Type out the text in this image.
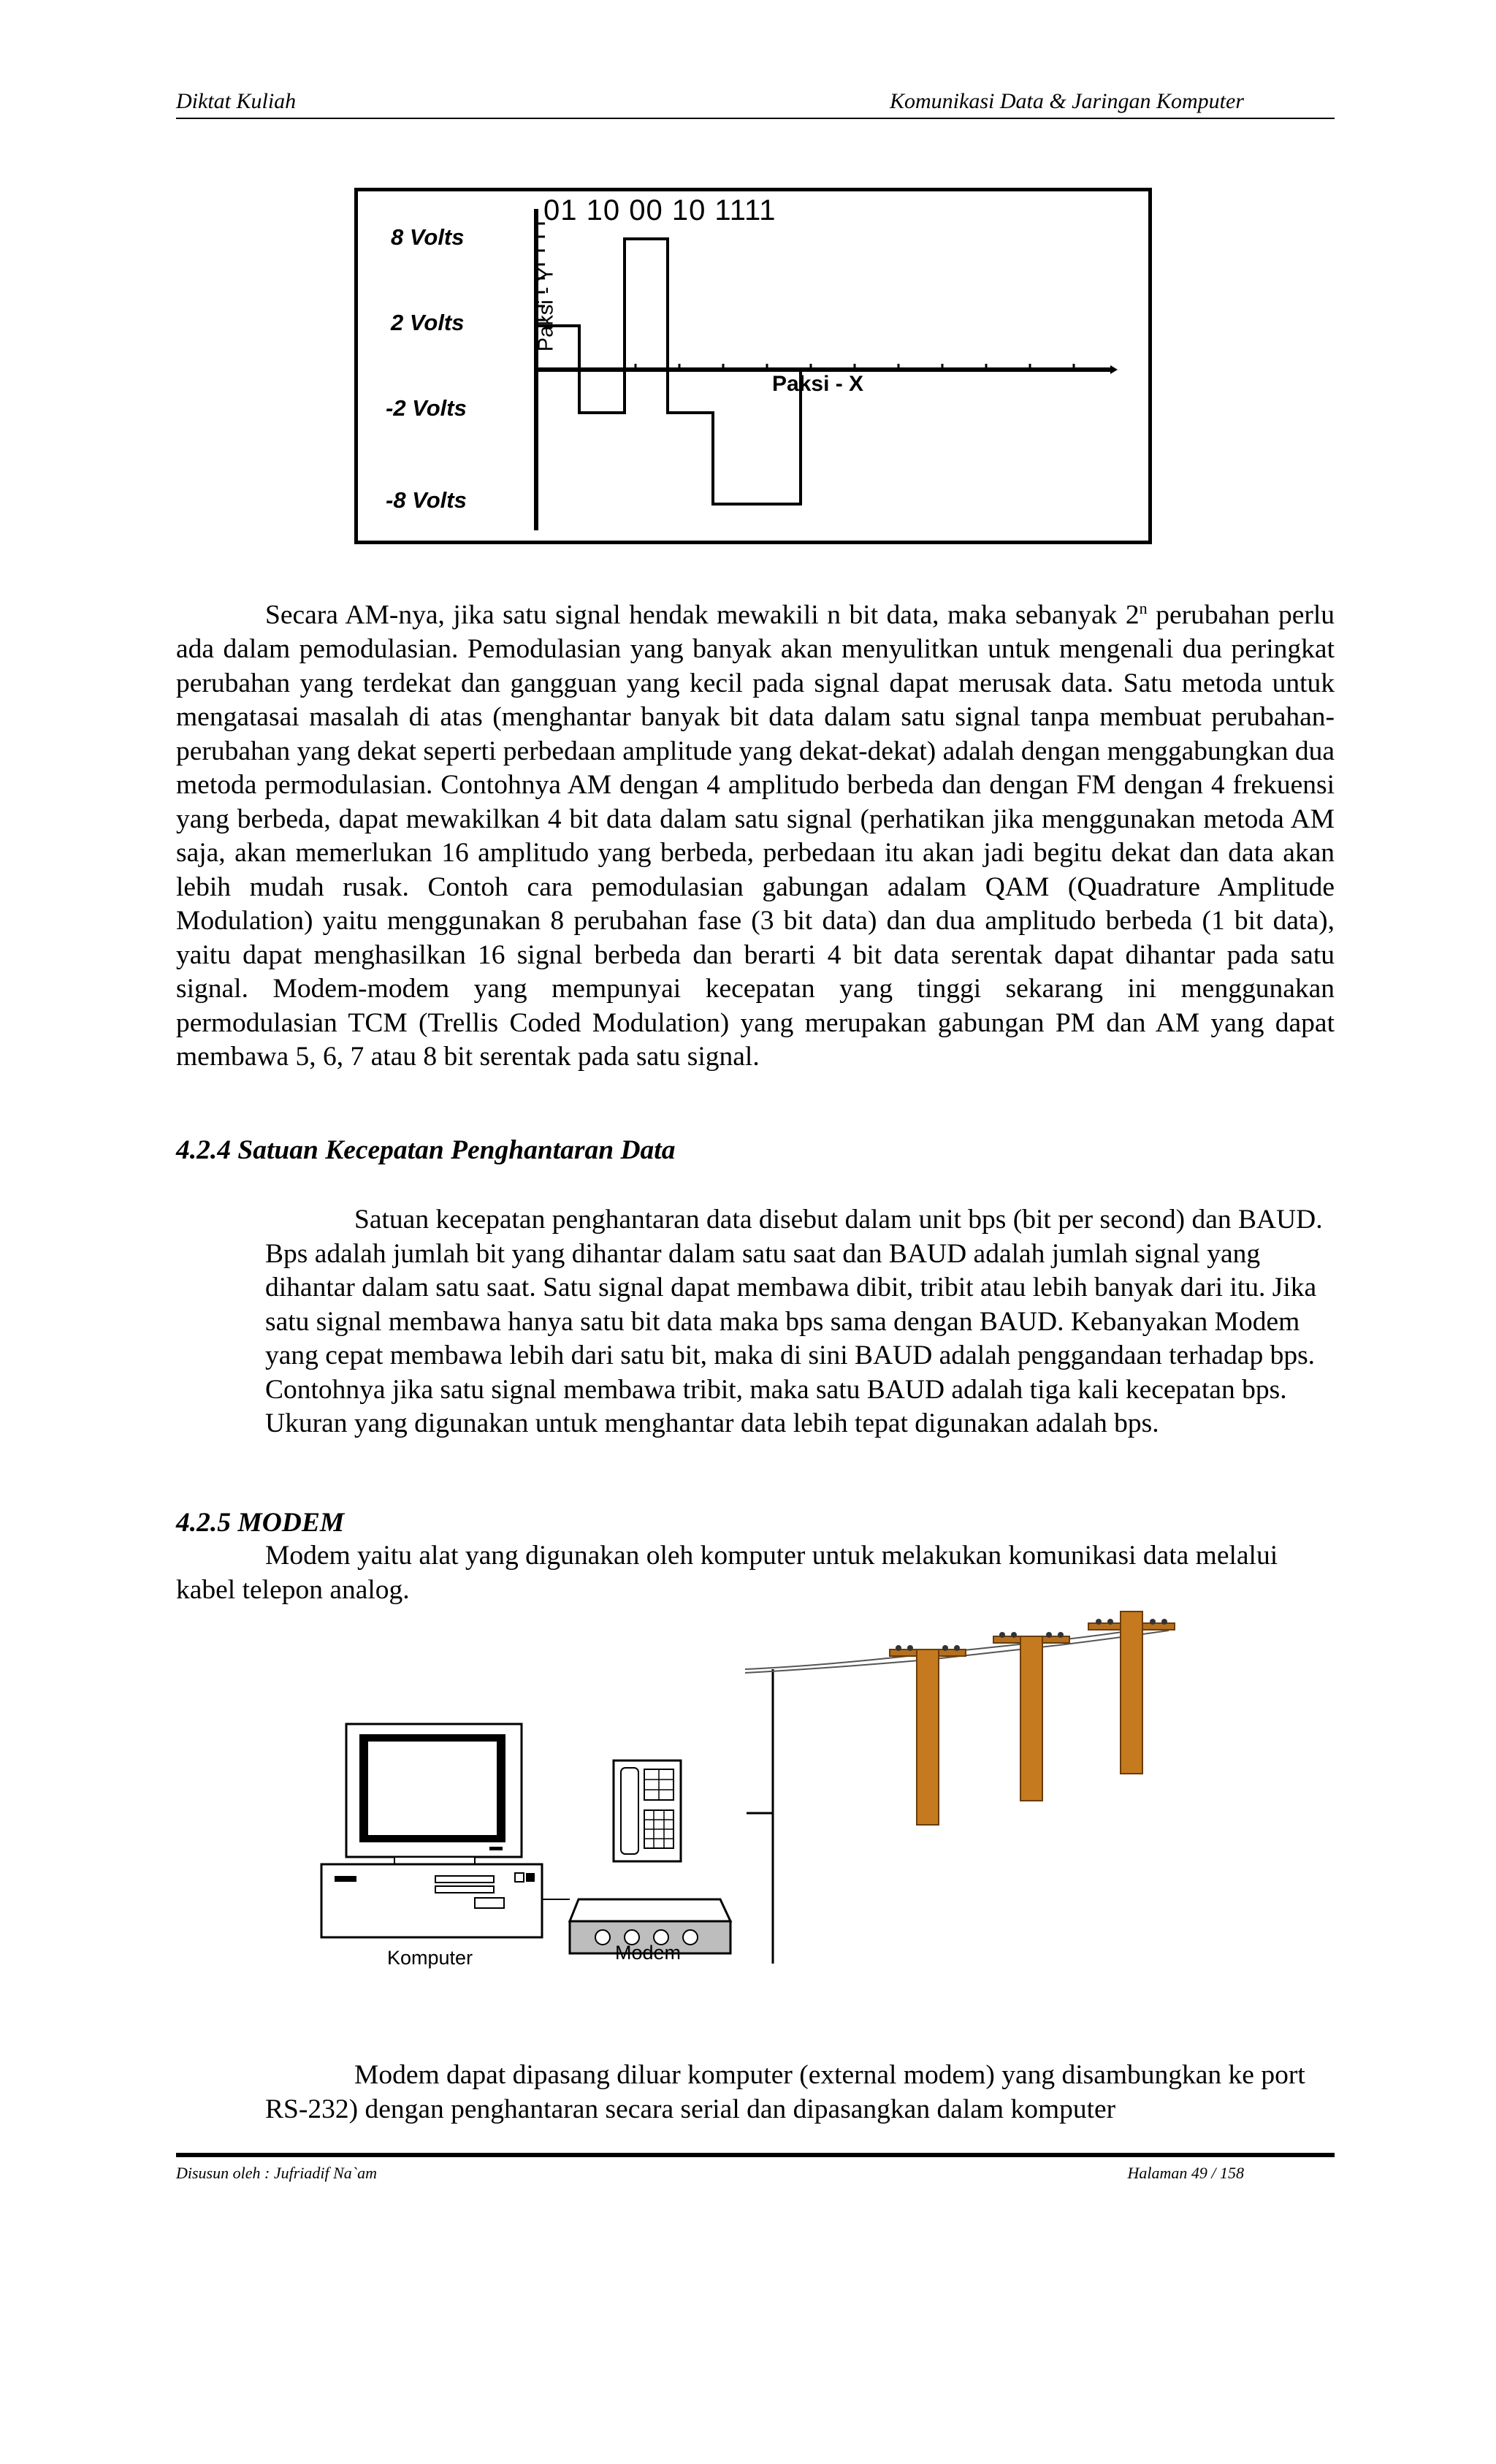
Diktat Kuliah	Komunikasi Data & Jaringan Komputer
8 Volts
2 Volts
-2 Volts
-8 Volts
01 10 00 10 1111
Paksi - Y
Paksi - X
Secara AM-nya, jika satu signal hendak mewakili n bit data, maka sebanyak 2$^n$ perubahan perlu ada dalam pemodulasian. Pemodulasian yang banyak akan menyulitkan untuk mengenali dua peringkat perubahan yang terdekat dan gangguan yang kecil pada signal dapat merusak data. Satu metoda untuk mengatasai masalah di atas (menghantar banyak bit data dalam satu signal tanpa membuat perubahan-perubahan yang dekat seperti perbedaan amplitude yang dekat-dekat) adalah dengan menggabungkan dua metoda permodulasian. Contohnya AM dengan 4 amplitudo berbeda dan dengan FM dengan 4 frekuensi yang berbeda, dapat mewakilkan 4 bit data dalam satu signal (perhatikan jika menggunakan metoda AM saja, akan memerlukan 16 amplitudo yang berbeda, perbedaan itu akan jadi begitu dekat dan data akan lebih mudah rusak. Contoh cara pemodulasian gabungan adalam QAM (Quadrature Amplitude Modulation) yaitu menggunakan 8 perubahan fase (3 bit data) dan dua amplitudo berbeda (1 bit data), yaitu dapat menghasilkan 16 signal berbeda dan berarti 4 bit data serentak dapat dihantar pada satu signal. Modem-modem yang mempunyai kecepatan yang tinggi sekarang ini menggunakan permodulasian TCM (Trellis Coded Modulation) yang merupakan gabungan PM dan AM yang dapat membawa 5, 6, 7 atau 8 bit serentak pada satu signal.
4.2.4 Satuan Kecepatan Penghantaran Data
Satuan kecepatan penghantaran data disebut dalam unit bps (bit per second) dan BAUD. Bps adalah jumlah bit yang dihantar dalam satu saat dan BAUD adalah jumlah signal yang dihantar dalam satu saat. Satu signal dapat membawa dibit, tribit atau lebih banyak dari itu. Jika satu signal membawa hanya satu bit data maka bps sama dengan BAUD. Kebanyakan Modem yang cepat membawa lebih dari satu bit, maka di sini BAUD adalah penggandaan terhadap bps. Contohnya jika satu signal membawa tribit, maka satu BAUD adalah tiga kali kecepatan bps. Ukuran yang digunakan untuk menghantar data lebih tepat digunakan adalah bps.
4.2.5 MODEM
Modem yaitu alat yang digunakan oleh komputer untuk melakukan komunikasi data melalui kabel telepon analog.
Komputer	Modem
Modem dapat dipasang diluar komputer (external modem) yang disambungkan ke port RS-232) dengan penghantaran secara serial dan dipasangkan dalam komputer
Disusun oleh : Jufriadif Na`am	Halaman 49 / 158
